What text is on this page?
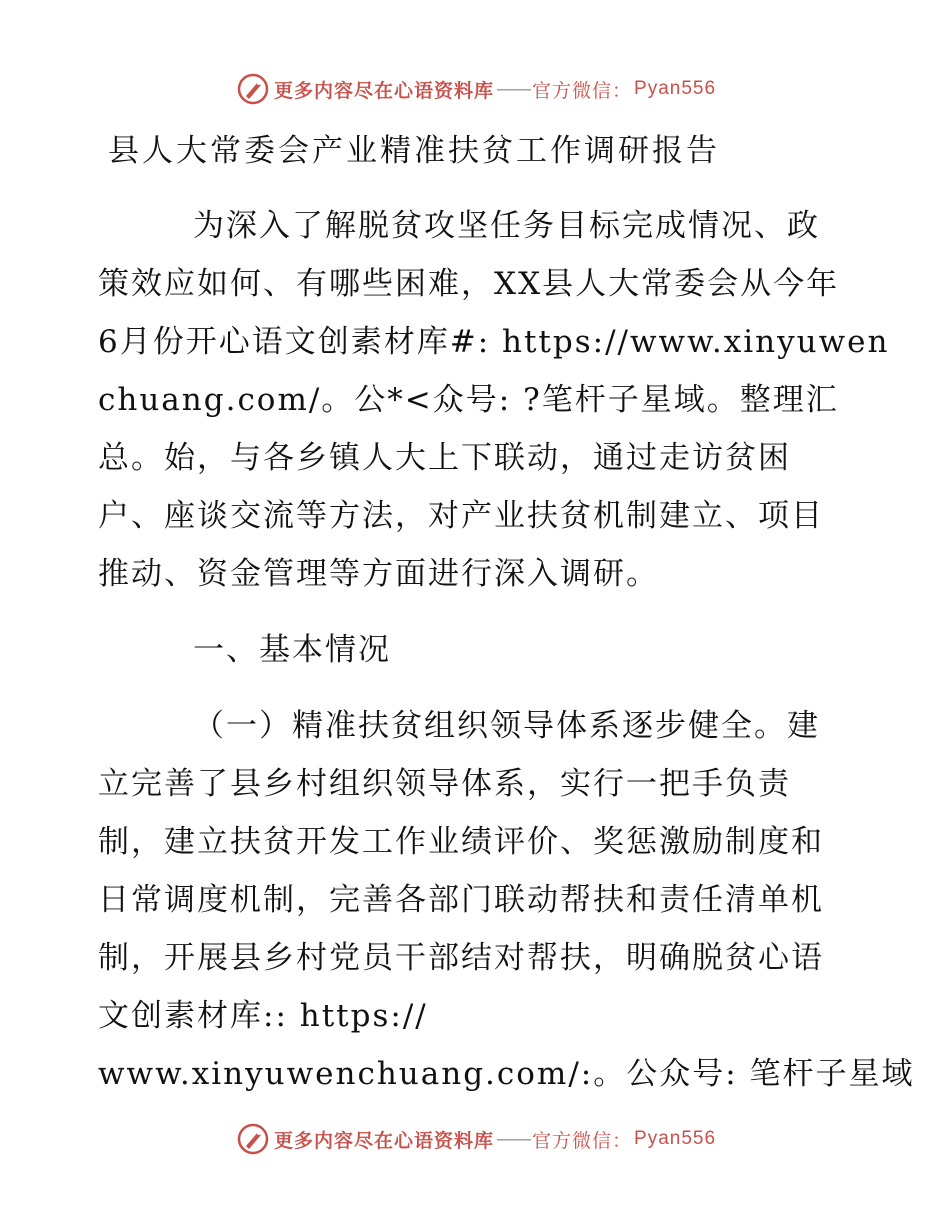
更多内容尽在心语资料库 —— 官方微信： Pyan556
县人大常委会产业精准扶贫工作调研报告
为深入了解脱贫攻坚任务目标完成情况、政
策效应如何、有哪些困难，XX县人大常委会从今年
6月份开心语文创素材库#: https://www.xinyuwen
chuang.com/。公*<众号: ?笔杆子星域。整理汇
总。始，与各乡镇人大上下联动，通过走访贫困
户、座谈交流等方法，对产业扶贫机制建立、项目
推动、资金管理等方面进行深入调研。
一、基本情况
（一）精准扶贫组织领导体系逐步健全。建
立完善了县乡村组织领导体系，实行一把手负责
制，建立扶贫开发工作业绩评价、奖惩激励制度和
日常调度机制，完善各部门联动帮扶和责任清单机
制，开展县乡村党员干部结对帮扶，明确脱贫心语
文创素材库:: https://
www.xinyuwenchuang.com/:。公众号: 笔杆子星域
更多内容尽在心语资料库 —— 官方微信： Pyan556
